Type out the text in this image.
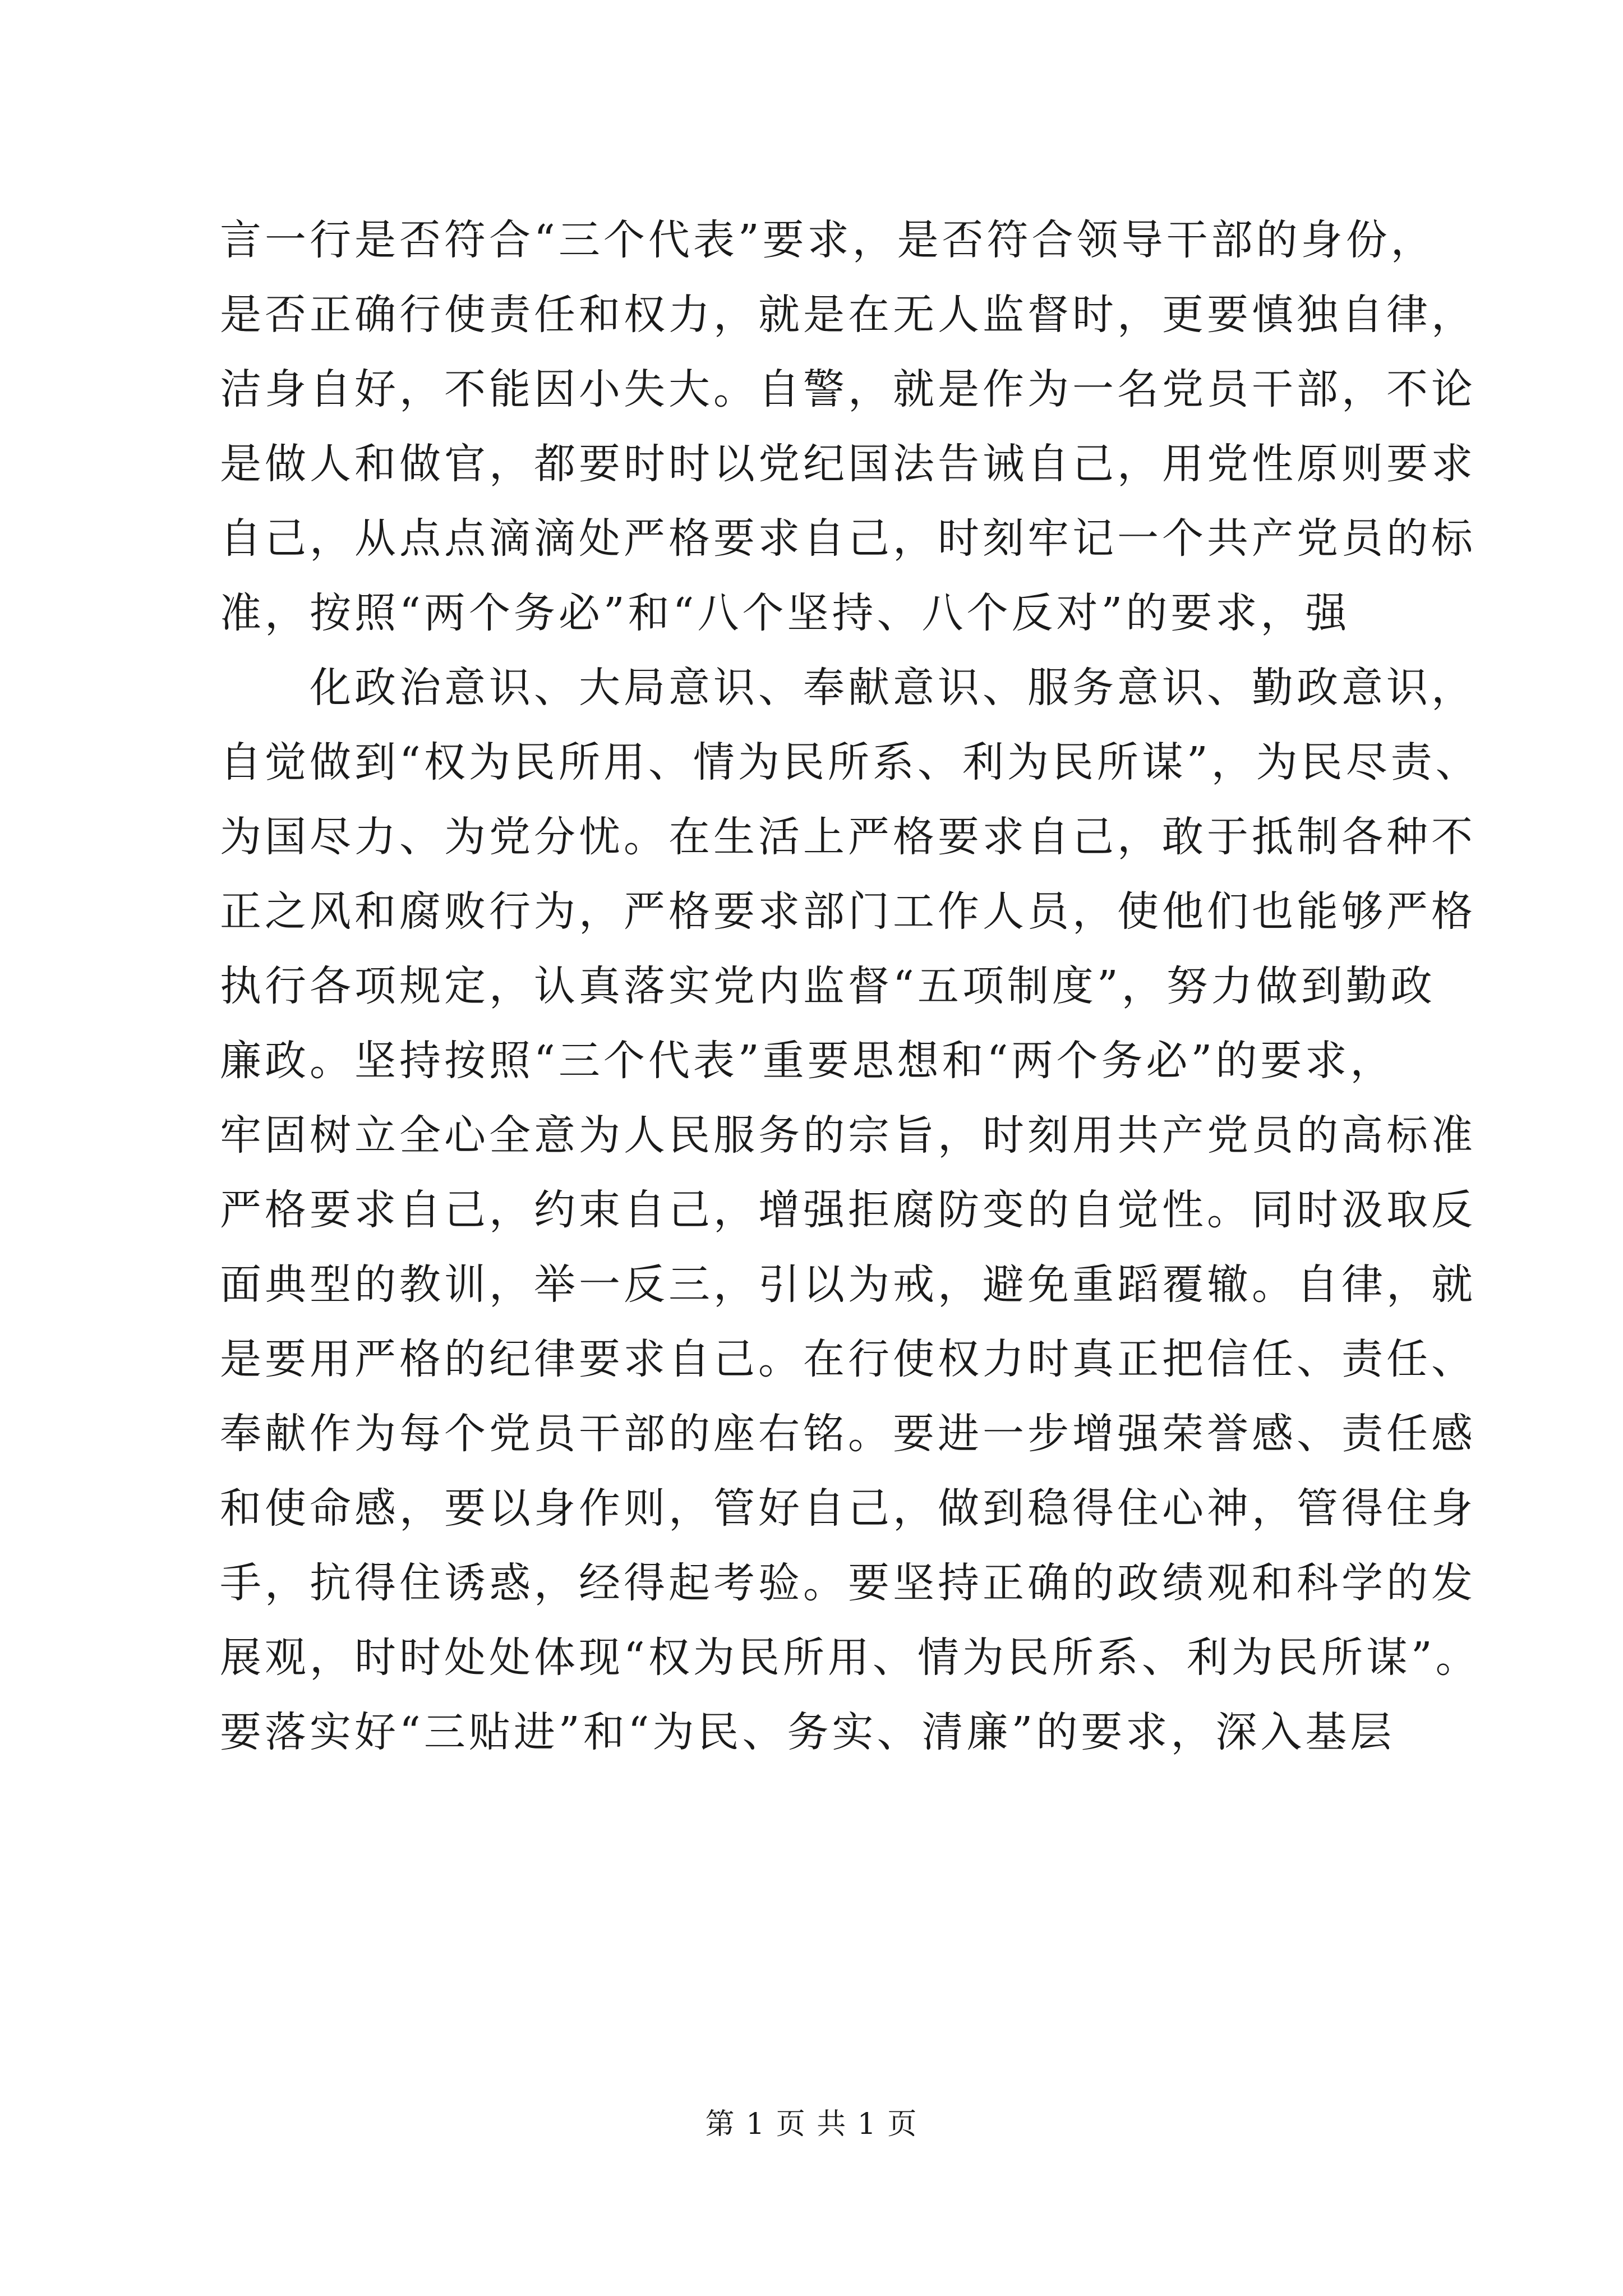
言一行是否符合“三个代表”要求，是否符合领导干部的身份，
是否正确行使责任和权力，就是在无人监督时，更要慎独自律，
洁身自好，不能因小失大。自警，就是作为一名党员干部，不论
是做人和做官，都要时时以党纪国法告诫自己，用党性原则要求
自己，从点点滴滴处严格要求自己，时刻牢记一个共产党员的标
准，按照“两个务必”和“八个坚持、八个反对”的要求，强
化政治意识、大局意识、奉献意识、服务意识、勤政意识，
自觉做到“权为民所用、情为民所系、利为民所谋”，为民尽责、
为国尽力、为党分忧。在生活上严格要求自己，敢于抵制各种不
正之风和腐败行为，严格要求部门工作人员，使他们也能够严格
执行各项规定，认真落实党内监督“五项制度”，努力做到勤政
廉政。坚持按照“三个代表”重要思想和“两个务必”的要求，
牢固树立全心全意为人民服务的宗旨，时刻用共产党员的高标准
严格要求自己，约束自己，增强拒腐防变的自觉性。同时汲取反
面典型的教训，举一反三，引以为戒，避免重蹈覆辙。自律，就
是要用严格的纪律要求自己。在行使权力时真正把信任、责任、
奉献作为每个党员干部的座右铭。要进一步增强荣誉感、责任感
和使命感，要以身作则，管好自己，做到稳得住心神，管得住身
手，抗得住诱惑，经得起考验。要坚持正确的政绩观和科学的发
展观，时时处处体现“权为民所用、情为民所系、利为民所谋”。
要落实好“三贴进”和“为民、务实、清廉”的要求，深入基层
第 1 页 共 1 页
